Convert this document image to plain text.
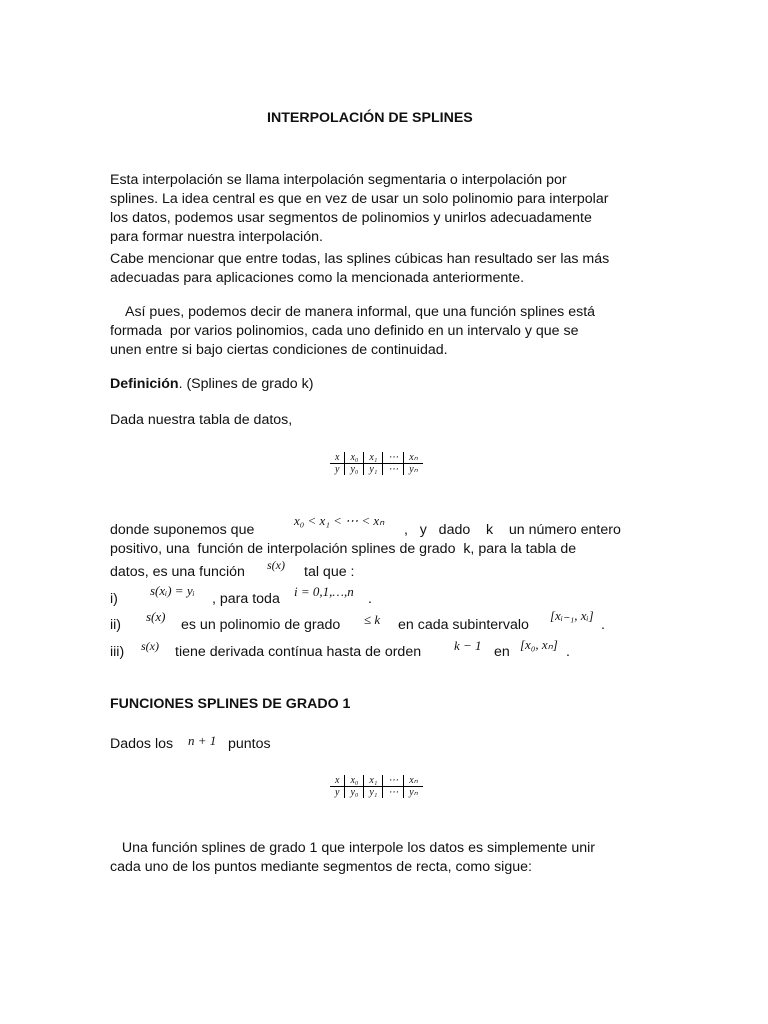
INTERPOLACIÓN DE SPLINES
Esta interpolación se llama interpolación segmentaria o interpolación por
splines. La idea central es que en vez de usar un solo polinomio para interpolar
los datos, podemos usar segmentos de polinomios y unirlos adecuadamente
para formar nuestra interpolación.
Cabe mencionar que entre todas, las splines cúbicas han resultado ser las más
adecuadas para aplicaciones como la mencionada anteriormente.
Así pues, podemos decir de manera informal, que una función splines está
formada  por varios polinomios, cada uno definido en un intervalo y que se
unen entre si bajo ciertas condiciones de continuidad.
Definición. (Splines de grado k)
Dada nuestra tabla de datos,
x	x₀	x₁	⋯	xₙ
y	y₀	y₁	⋯	yₙ
donde suponemos que
x₀ < x₁ < ⋯ < xₙ
,   y   dado    k    un número entero
positivo, una  función de interpolación splines de grado  k, para la tabla de
datos, es una función s(x) tal que :
i)
s(xᵢ) = yᵢ
, para toda i = 0,1,…,n .
ii)
s(x)
es un polinomio de grado ≤ k en cada subintervalo
[xᵢ₋₁, xᵢ]
.
iii) s(x) tiene derivada contínua hasta de orden	k − 1 en [x₀, xₙ] .
FUNCIONES SPLINES DE GRADO 1
Dados los n + 1 puntos
x	x₀	x₁	⋯	xₙ
y	y₀	y₁	⋯	yₙ
Una función splines de grado 1 que interpole los datos es simplemente unir
cada uno de los puntos mediante segmentos de recta, como sigue:
